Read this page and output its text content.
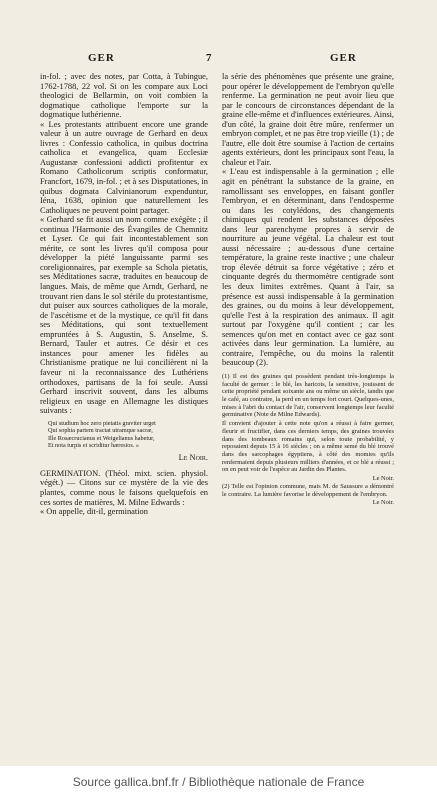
GER	7	GER

in-fol. ; avec des notes, par Cotta, à Tubingue, 1762-1788, 22 vol. Si on les compare aux Loci theologici de Bellarmin, on voit combien la dogmatique catholique l'emporte sur la dogmatique luthérienne.

« Les protestants attribuent encore une grande valeur à un autre ouvrage de Gerhard en deux livres : Confessio catholica, in quibus doctrina catholica et evangelica, quam Ecclesiæ Augustanæ confessioni addicti profitentur ex Romano Catholicorum scriptis conformatur, Francfort, 1679, in-fol. ; et à ses Disputationes, in quibus dogmata Calvinianorum expenduntur, Iéna, 1638, opinion que naturellement les Catholiques ne peuvent point partager.

« Gerhard se fit aussi un nom comme exégète ; il continua l'Harmonie des Évangiles de Chemnitz et Lyser. Ce qui fait incontestablement son mérite, ce sont les livres qu'il composa pour développer la piété languissante parmi ses coreligionnaires, par exemple sa Schola pietatis, ses Méditationes sacræ, traduites en beaucoup de langues. Mais, de même que Arndt, Gerhard, ne trouvant rien dans le sol stérile du protestantisme, dut puiser aux sources catholiques de la morale, de l'ascétisme et de la mystique, ce qu'il fit dans ses Méditations, qui sont textuellement empruntées à S. Augustin, S. Anselme, S. Bernard, Tauler et autres. Ce désir et ces instances pour amener les fidèles au Christianisme pratique ne lui concilièrent ni la faveur ni la reconnaissance des Luthériens orthodoxes, partisans de la foi seule. Aussi Gerhard inscrivit souvent, dans les albums religieux en usage en Allemagne les distiques suivants :

Qui studium hoc zero pietatis graviter urget
Qui sophia partem tractat utramque sacræ,
Ille Rosæcrucianus et Weigelianus habetur,
Et nota turpis ei scriditur hæresios. »
Le Noir.

GERMINATION. (Théol. mixt. scien. physiol. végét.) — Citons sur ce mystère de la vie des plantes, comme nous le faisons quelquefois en ces sortes de matières, M. Milne Edwards :

« On appelle, dit-il, germination

la série des phénomènes que présente une graine, pour opérer le développement de l'embryon qu'elle renferme. La germination ne peut avoir lieu que par le concours de circonstances dépendant de la graine elle-même et d'influences extérieures. Ainsi, d'un côté, la graine doit être mûre, renfermer un embryon complet, et ne pas être trop vieille (1) ; de l'autre, elle doit être soumise à l'action de certains agents extérieurs, dont les principaux sont l'eau, la chaleur et l'air.

« L'eau est indispensable à la germination ; elle agit en pénétrant la substance de la graine, en ramollissant ses enveloppes, en faisant gonfler l'embryon, et en déterminant, dans l'endosperme ou dans les cotylédons, des changements chimiques qui rendent les substances déposées dans leur parenchyme propres à servir de nourriture au jeune végétal. La chaleur est tout aussi nécessaire ; au-dessous d'une certaine température, la graine reste inactive ; une chaleur trop élevée détruit sa force végétative ; zéro et cinquante degrés du thermomètre centigrade sont les deux limites extrêmes. Quant à l'air, sa présence est aussi indispensable à la germination des graines, ou du moins à leur développement, qu'elle l'est à la respiration des animaux. Il agit surtout par l'oxygène qu'il contient ; car les semences qu'on met en contact avec ce gaz sont activées dans leur germination. La lumière, au contraire, l'empêche, ou du moins la ralentit beaucoup (2).

(1) Il est des graines qui possèdent pendant très-longtemps la faculté de germer : le blé, les haricots, la sensitive, jouissent de cette propriété pendant soixante ans ou même un siècle, tandis que le café, au contraire, la perd en un temps fort court. Quelques-unes, mises à l'abri du contact de l'air, conservent longtemps leur faculté germinative (Note de Milne Edwards).

Il convient d'ajouter à cette note qu'on a réussi à faire germer, fleurir et fructifier, dans ces derniers temps, des graines trouvées dans des tombeaux romains qui, selon toute probabilité, y reposaient depuis 15 à 16 siècles ; on a même semé du blé trouvé dans des sarcophages égyptiens, à côté des momies qu'ils renfermaient depuis plusieurs milliers d'années, et ce blé a réussi ; on en peut voir de l'espèce au Jardin des Plantes.

Le Noir.

(2) Telle est l'opinion commune, mais M. de Saussure a démontré le contraire. La lumière favorise le développement de l'embryon.

Le Noir.
Source gallica.bnf.fr / Bibliothèque nationale de France
